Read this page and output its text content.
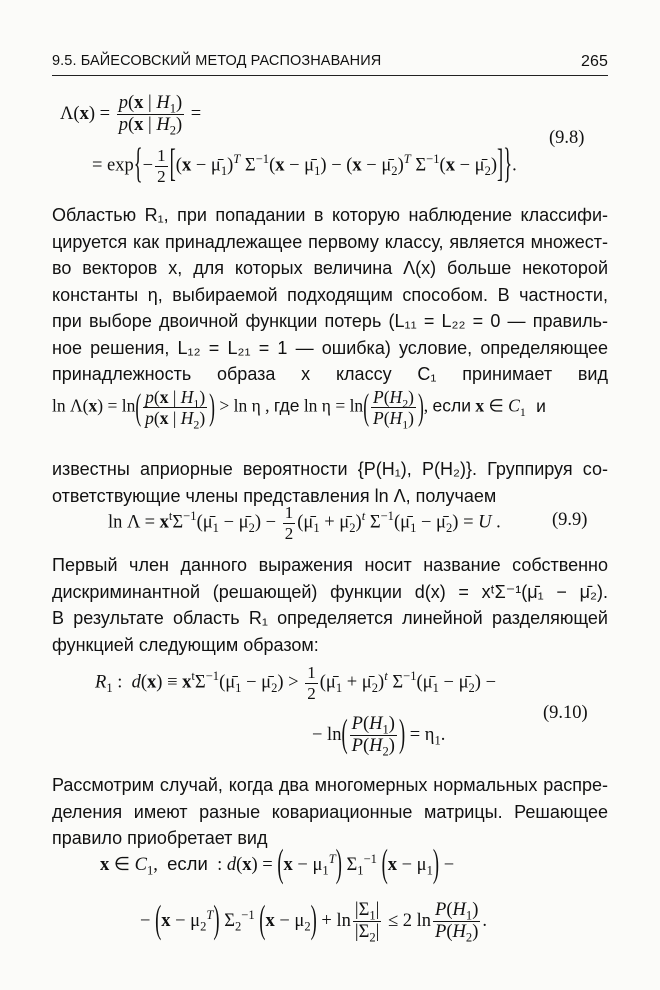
9.5. БАЙЕСОВСКИЙ МЕТОД РАСПОЗНАВАНИЯ	265
$\Lambda(x) = \frac{p(x | H_1)}{p(x | H_2)}$ =
= $\exp\{- \frac{1}{2} [(x$ − $\mū_1)^T$ $\Sigma^{-1}(x$ − $\mū_1) - (x$ − $\mū_2)^T$ $\Sigma^{-1}(x$ − $\mū_2$)]}.
(9.8)
Областью R₁, при попадании в которую наблюдение классифи-
цируется как принадлежащее первому классу, является множест-
во векторов x, для которых величина Λ(x) больше некоторой
константы η, выбираемой подходящим способом. В частности,
при выборе двоичной функции потерь (L₁₁ = L₂₂ = 0 — правиль-
ное решения, L₁₂ = L₂₁ = 1 — ошибка) условие, определяющее
принадлежность образа x классу C₁ принимает вид
$\ln \Lambda(x) = \ln( \frac{p(x | H_1)}{p(x | H_2)}$ ) > ln η , где $\ln \eta = \ln( \frac{P(H_2)}{P(H_1)}$ ), если x ∈ $C_1$ и
известны априорные вероятности {P(H₁), P(H₂)}. Группируя со-
ответствующие члены представления ln Λ, получаем
$\ln \Lambda = x^t\Sigma^{-1}(\mū_1$ − $\mū_2) - \frac{1}{2}$ ($\mū_1$ + $\mū_2)^t$ $\Sigma^{-1}(\mū_1$ − $\mū_2) = U$ .	(9.9)
Первый член данного выражения носит название собственно
дискриминантной (решающей) функции d(x) = xᵗΣ⁻¹(μ̄₁ − μ̄₂).
В результате область R₁ определяется линейной разделяющей
функцией следующим образом:
$R_1$ :  $d(x) \equiv x^t\Sigma^{-1}(\mū_1$ − $\mū_2) > \frac{1}{2}$ ($\mū_1$ + $\mū_2)^t$ $\Sigma^{-1}(\mū_1$ − $\mū_2$) −
− $\ln( \frac{P(H_1)}{P(H_2)}$ ) = $\eta_1$.
(9.10)
Рассмотрим случай, когда два многомерных нормальных распре-
деления имеют разные ковариационные матрицы. Решающее
правило приобретает вид
x ∈ $C_1$,  если  : $d(x) = (x - \mu_1^T)$ $\Sigma_1^{-1}$ $(x - \mu_1)$ −
− $(x - \mu_2^T)$ $\Sigma_2^{-1}$ $(x - \mu_2) + \ln \frac{|\Sigma_1|}{|\Sigma_2|} \le 2$ $\ln \frac{P(H_1)}{P(H_2)}$ .
